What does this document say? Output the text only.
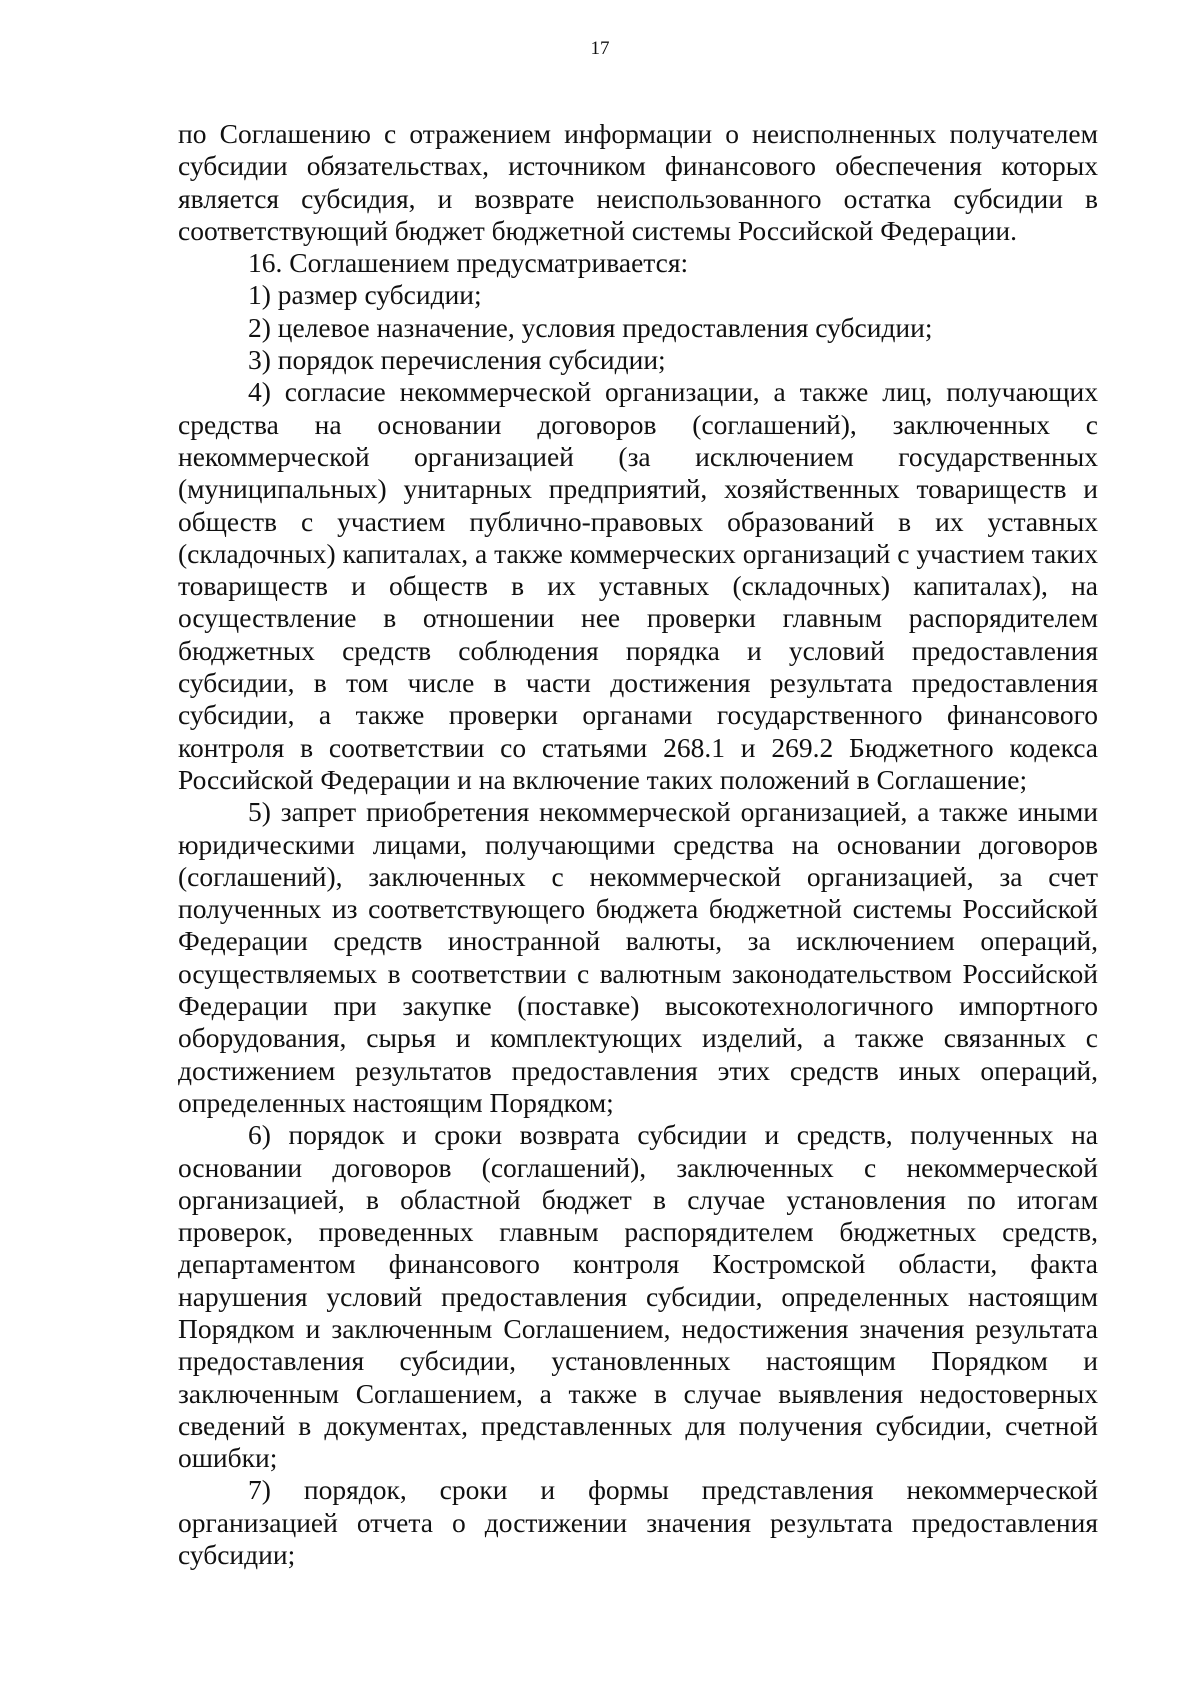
17

по Соглашению с отражением информации о неисполненных получателем субсидии обязательствах, источником финансового обеспечения которых является субсидия, и возврате неиспользованного остатка субсидии в соответствующий бюджет бюджетной системы Российской Федерации.

16. Соглашением предусматривается:

1) размер субсидии;

2) целевое назначение, условия предоставления субсидии;

3) порядок перечисления субсидии;

4) согласие некоммерческой организации, а также лиц, получающих средства на основании договоров (соглашений), заключенных с некоммерческой организацией (за исключением государственных (муниципальных) унитарных предприятий, хозяйственных товариществ и обществ с участием публично-правовых образований в их уставных (складочных) капиталах, а также коммерческих организаций с участием таких товариществ и обществ в их уставных (складочных) капиталах), на осуществление в отношении нее проверки главным распорядителем бюджетных средств соблюдения порядка и условий предоставления субсидии, в том числе в части достижения результата предоставления субсидии, а также проверки органами государственного финансового контроля в соответствии со статьями 268.1 и 269.2 Бюджетного кодекса Российской Федерации и на включение таких положений в Соглашение;

5) запрет приобретения некоммерческой организацией, а также иными юридическими лицами, получающими средства на основании договоров (соглашений), заключенных с некоммерческой организацией, за счет полученных из соответствующего бюджета бюджетной системы Российской Федерации средств иностранной валюты, за исключением операций, осуществляемых в соответствии с валютным законодательством Российской Федерации при закупке (поставке) высокотехнологичного импортного оборудования, сырья и комплектующих изделий, а также связанных с достижением результатов предоставления этих средств иных операций, определенных настоящим Порядком;

6) порядок и сроки возврата субсидии и средств, полученных на основании договоров (соглашений), заключенных с некоммерческой организацией, в областной бюджет в случае установления по итогам проверок, проведенных главным распорядителем бюджетных средств, департаментом финансового контроля Костромской области, факта нарушения условий предоставления субсидии, определенных настоящим Порядком и заключенным Соглашением, недостижения значения результата предоставления субсидии, установленных настоящим Порядком и заключенным Соглашением, а также в случае выявления недостоверных сведений в документах, представленных для получения субсидии, счетной ошибки;

7) порядок, сроки и формы представления некоммерческой организацией отчета о достижении значения результата предоставления субсидии;
